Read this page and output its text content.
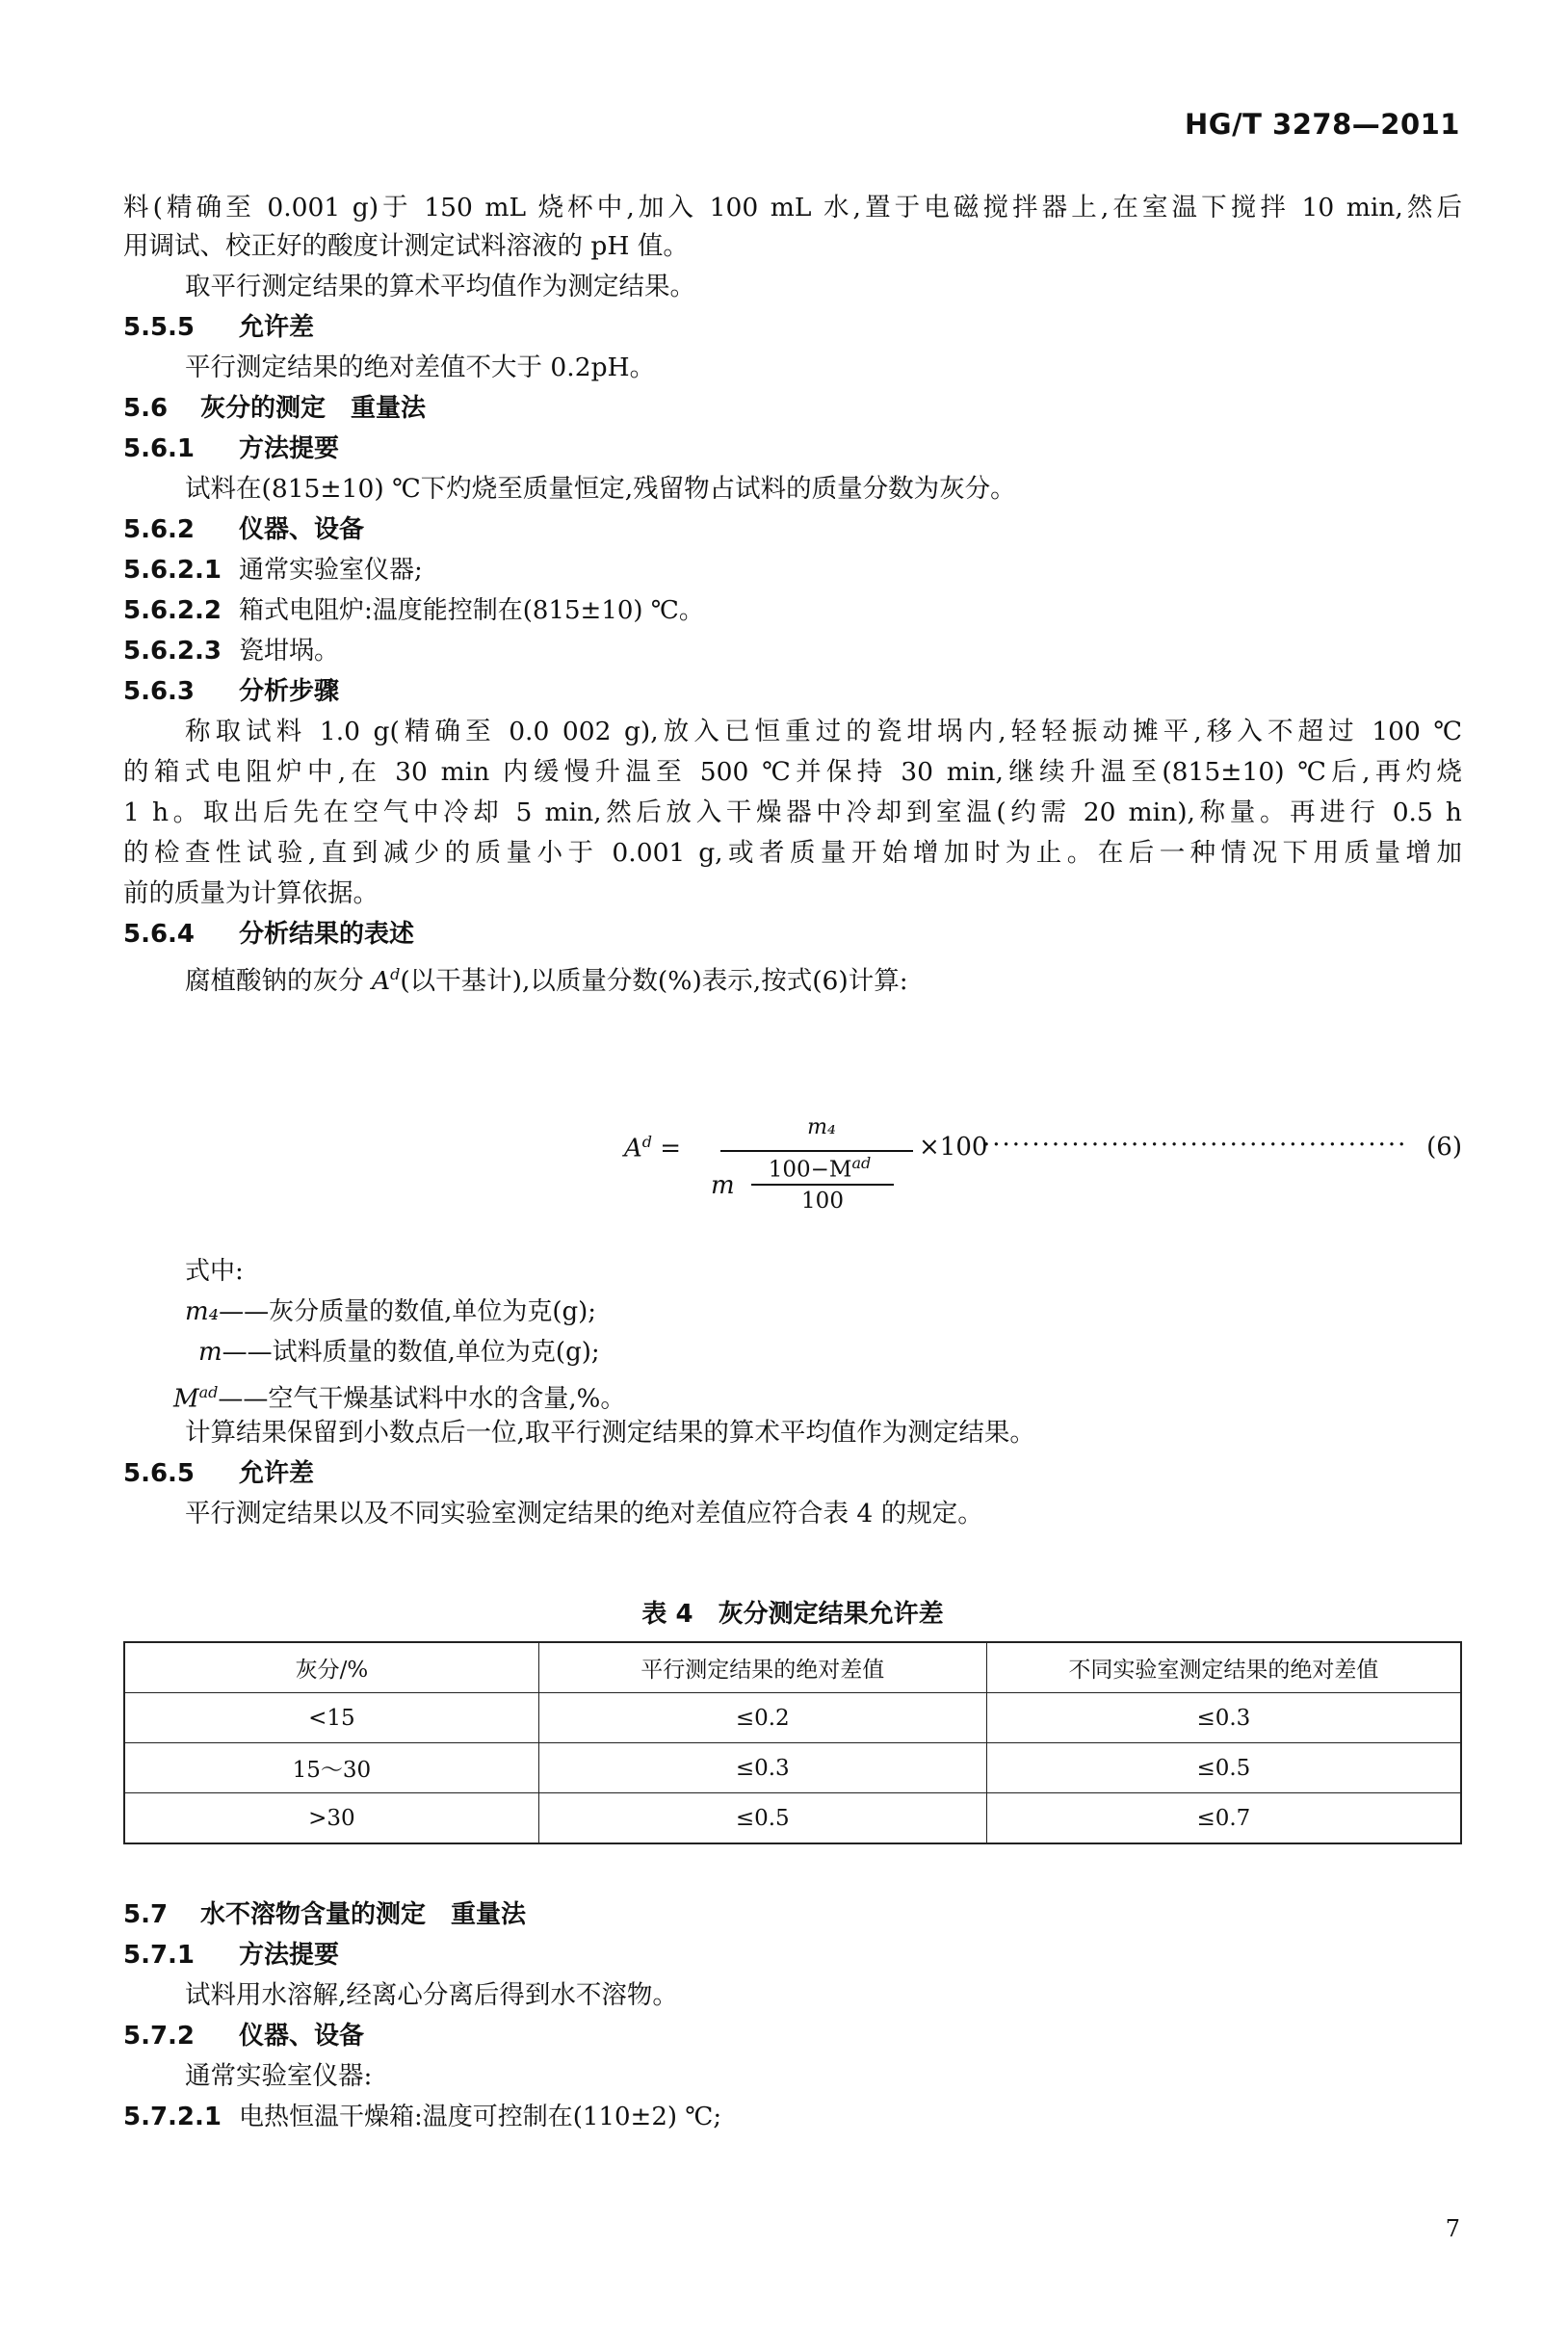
HG/T 3278—2011
料(精确至 0.001 g)于 150 mL 烧杯中,加入 100 mL 水,置于电磁搅拌器上,在室温下搅拌 10 min,然后
用调试、校正好的酸度计测定试料溶液的 pH 值。
取平行测定结果的算术平均值作为测定结果。
5.5.5 允许差
平行测定结果的绝对差值不大于 0.2pH。
5.6 灰分的测定　重量法
5.6.1 方法提要
试料在(815±10) ℃下灼烧至质量恒定,残留物占试料的质量分数为灰分。
5.6.2 仪器、设备
5.6.2.1 通常实验室仪器;
5.6.2.2 箱式电阻炉:温度能控制在(815±10) ℃。
5.6.2.3 瓷坩埚。
5.6.3 分析步骤
称取试料 1.0 g(精确至 0.0 002 g),放入已恒重过的瓷坩埚内,轻轻振动摊平,移入不超过 100 ℃
的箱式电阻炉中,在 30 min 内缓慢升温至 500 ℃并保持 30 min,继续升温至(815±10) ℃后,再灼烧
1 h。取出后先在空气中冷却 5 min,然后放入干燥器中冷却到室温(约需 20 min),称量。再进行 0.5 h
的检查性试验,直到减少的质量小于 0.001 g,或者质量开始增加时为止。在后一种情况下用质量增加
前的质量为计算依据。
5.6.4 分析结果的表述
腐植酸钠的灰分 $A^d$(以干基计),以质量分数(%)表示,按式(6)计算:
$A^d$ =
m₄
m
$100-M^{ad}$
100
×100
··········································· (6)
式中:
m₄——灰分质量的数值,单位为克(g);
m——试料质量的数值,单位为克(g);
$M^{ad}——$空气干燥基试料中水的含量,%。
计算结果保留到小数点后一位,取平行测定结果的算术平均值作为测定结果。
5.6.5 允许差
平行测定结果以及不同实验室测定结果的绝对差值应符合表 4 的规定。
表 4　灰分测定结果允许差
灰分/%	平行测定结果的绝对差值	不同实验室测定结果的绝对差值
<15	≤0.2	≤0.3
15～30	≤0.3	≤0.5
>30	≤0.5	≤0.7
5.7 水不溶物含量的测定　重量法
5.7.1 方法提要
试料用水溶解,经离心分离后得到水不溶物。
5.7.2 仪器、设备
通常实验室仪器:
5.7.2.1 电热恒温干燥箱:温度可控制在(110±2) ℃;
7
